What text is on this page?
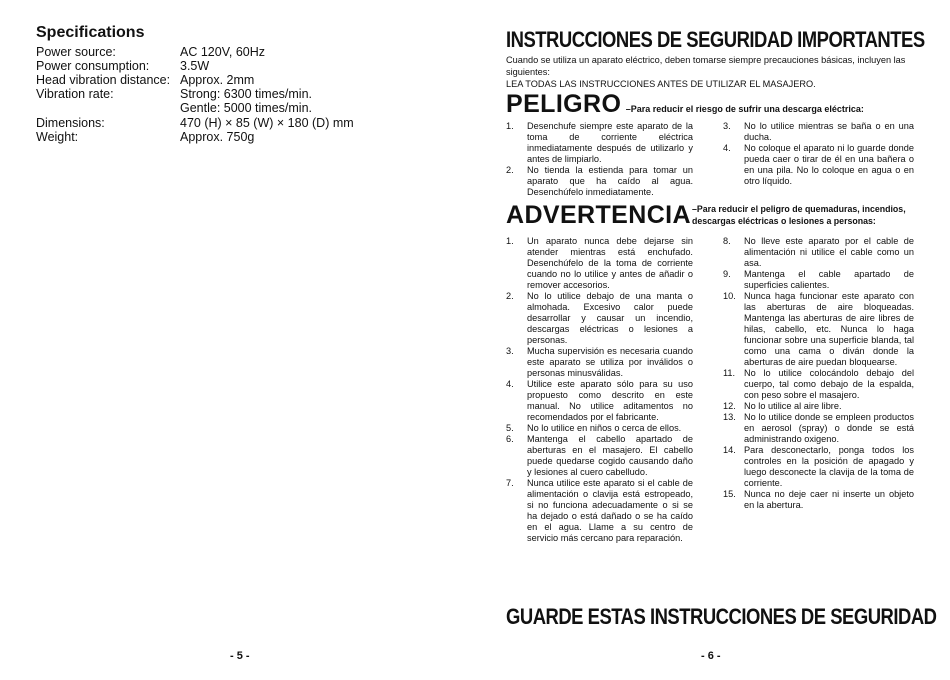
Specifications
Power source:	AC 120V, 60Hz
Power consumption:	3.5W
Head vibration distance:	Approx. 2mm
Vibration rate:	Strong: 6300 times/min.
	Gentle: 5000 times/min.
Dimensions:	470 (H) × 85 (W) × 180 (D) mm
Weight:	Approx. 750g
- 5 -
INSTRUCCIONES DE SEGURIDAD IMPORTANTES
Cuando se utiliza un aparato eléctrico, deben tomarse siempre precauciones básicas, incluyen las siguientes:
LEA TODAS LAS INSTRUCCIONES ANTES DE UTILIZAR EL MASAJERO.
PELIGRO –Para reducir el riesgo de sufrir una descarga eléctrica:
1.	Desenchufe siempre este aparato de la toma de corriente eléctrica inmediatamente después de utilizarlo y antes de limpiarlo.
2.	No tienda la estienda para tomar un aparato que ha caído al agua. Desenchúfelo inmediatamente.
3.	No lo utilice mientras se baña o en una ducha.
4.	No coloque el aparato ni lo guarde donde pueda caer o tirar de él en una bañera o en una pila. No lo coloque en agua o en otro líquido.
ADVERTENCIA –Para reducir el peligro de quemaduras, incendios,
descargas eléctricas o lesiones a personas:
1.	Un aparato nunca debe dejarse sin atender mientras está enchufado. Desenchúfelo de la toma de corriente cuando no lo utilice y antes de añadir o remover accesorios.
2.	No lo utilice debajo de una manta o almohada. Excesivo calor puede desarrollar y causar un incendio, descargas eléctricas o lesiones a personas.
3.	Mucha supervisión es necesaria cuando este aparato se utiliza por inválidos o personas minusválidas.
4.	Utilice este aparato sólo para su uso propuesto como descrito en este manual. No utilice aditamentos no recomendados por el fabricante.
5.	No lo utilice en niños o cerca de ellos.
6.	Mantenga el cabello apartado de aberturas en el masajero. El cabello puede quedarse cogido causando daño y lesiones al cuero cabelludo.
7.	Nunca utilice este aparato si el cable de alimentación o clavija está estropeado, si no funciona adecuadamente o si se ha dejado o está dañado o se ha caído en el agua. Llame a su centro de servicio más cercano para reparación.
8.	No lleve este aparato por el cable de alimentación ni utilice el cable como un asa.
9.	Mantenga el cable apartado de superficies calientes.
10. Nunca haga funcionar este aparato con las aberturas de aire bloqueadas. Mantenga las aberturas de aire libres de hilas, cabello, etc. Nunca lo haga funcionar sobre una superficie blanda, tal como una cama o diván donde la aberturas de aire puedan bloquearse.
11. No lo utilice colocándolo debajo del cuerpo, tal como debajo de la espalda, con peso sobre el masajero.
12. No lo utilice al aire libre.
13. No lo utilice donde se empleen productos en aerosol (spray) o donde se está administrando oxigeno.
14. Para desconectarlo, ponga todos los controles en la posición de apagado y luego desconecte la clavija de la toma de corriente.
15. Nunca no deje caer ni inserte un objeto en la abertura.
GUARDE ESTAS INSTRUCCIONES DE SEGURIDAD
- 6 -
